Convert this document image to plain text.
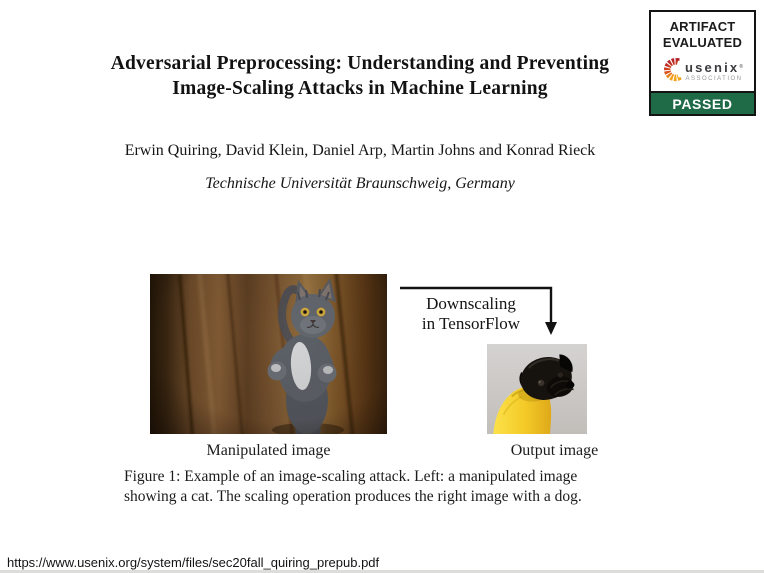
Adversarial Preprocessing: Understanding and Preventing
Image-Scaling Attacks in Machine Learning
Erwin Quiring, David Klein, Daniel Arp, Martin Johns and Konrad Rieck
Technische Universität Braunschweig, Germany
ARTIFACT
EVALUATED
usenix®
ASSOCIATION
PASSED
Downscaling
in TensorFlow
Manipulated image	Output image
Figure 1: Example of an image-scaling attack. Left: a manipulated image
showing a cat. The scaling operation produces the right image with a dog.
https://www.usenix.org/system/files/sec20fall_quiring_prepub.pdf
